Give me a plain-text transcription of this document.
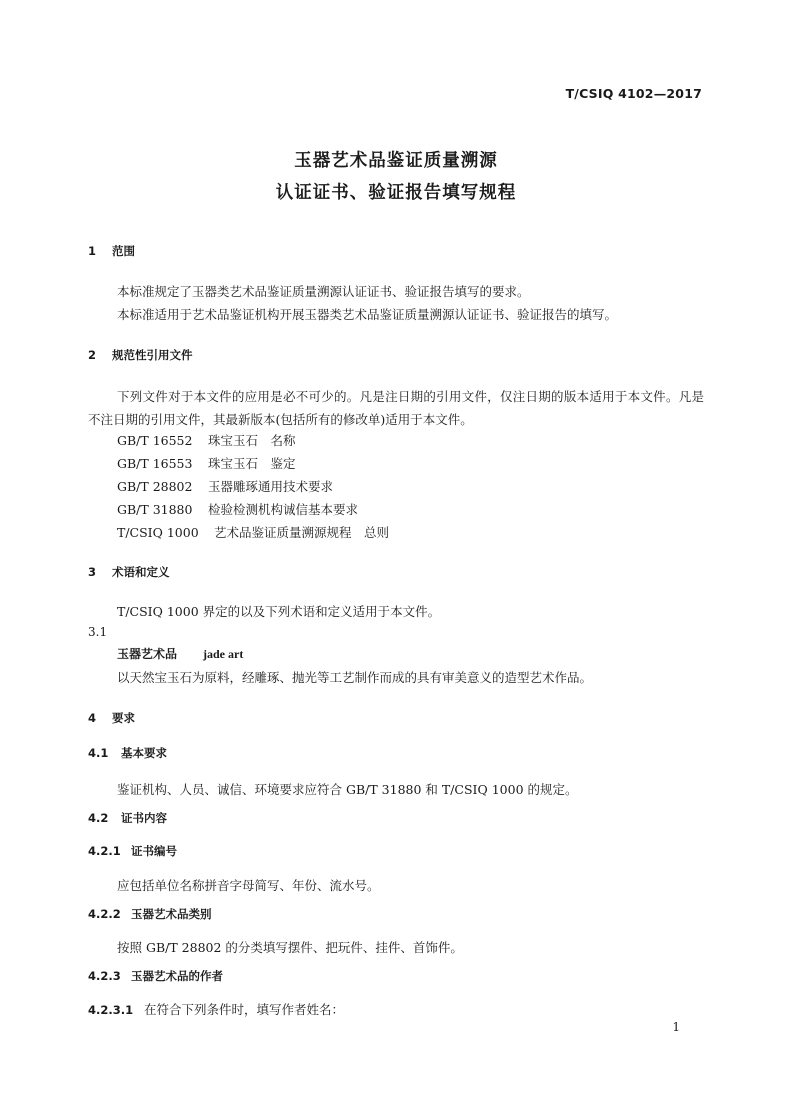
T/CSIQ 4102—2017
玉器艺术品鉴证质量溯源
认证证书、验证报告填写规程
1 范围
本标准规定了玉器类艺术品鉴证质量溯源认证证书、验证报告填写的要求。
本标准适用于艺术品鉴证机构开展玉器类艺术品鉴证质量溯源认证证书、验证报告的填写。
2 规范性引用文件
下列文件对于本文件的应用是必不可少的。凡是注日期的引用文件，仅注日期的版本适用于本文件。凡是不注日期的引用文件，其最新版本(包括所有的修改单)适用于本文件。
GB/T 16552 珠宝玉石　名称
GB/T 16553 珠宝玉石　鉴定
GB/T 28802 玉器雕琢通用技术要求
GB/T 31880 检验检测机构诚信基本要求
T/CSIQ 1000 艺术品鉴证质量溯源规程　总则
3 术语和定义
T/CSIQ 1000 界定的以及下列术语和定义适用于本文件。
3.1
玉器艺术品 jade art
以天然宝玉石为原料，经雕琢、抛光等工艺制作而成的具有审美意义的造型艺术作品。
4 要求
4.1 基本要求
鉴证机构、人员、诚信、环境要求应符合 GB/T 31880 和 T/CSIQ 1000 的规定。
4.2 证书内容
4.2.1 证书编号
应包括单位名称拼音字母简写、年份、流水号。
4.2.2 玉器艺术品类别
按照 GB/T 28802 的分类填写摆件、把玩件、挂件、首饰件。
4.2.3 玉器艺术品的作者
4.2.3.1 在符合下列条件时，填写作者姓名：
1
